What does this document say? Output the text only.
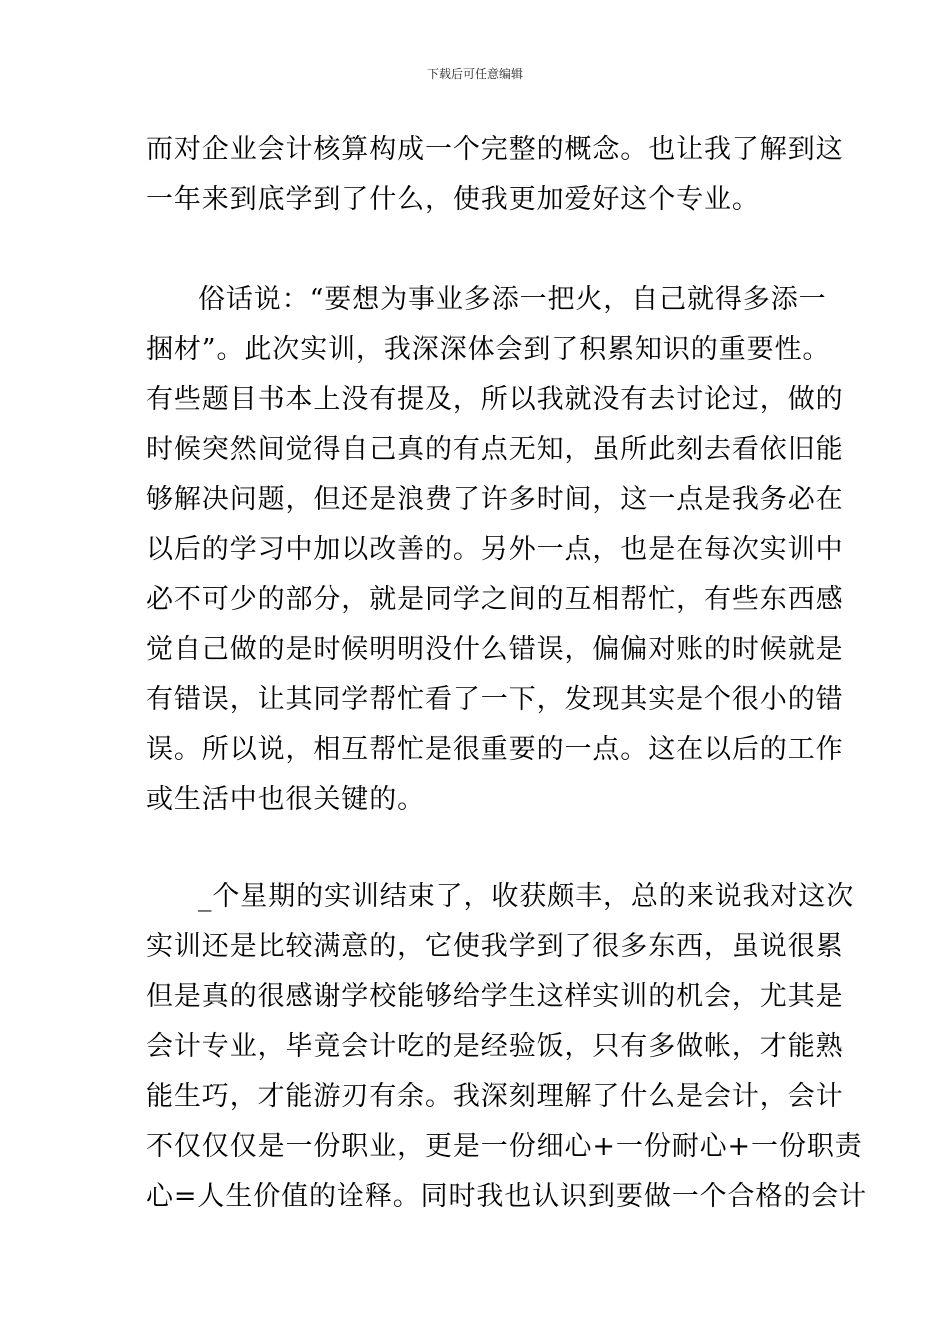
下载后可任意编辑
而对企业会计核算构成一个完整的概念。也让我了解到这
一年来到底学到了什么，使我更加爱好这个专业。
俗话说：“要想为事业多添一把火，自己就得多添一
捆材”。此次实训，我深深体会到了积累知识的重要性。
有些题目书本上没有提及，所以我就没有去讨论过，做的
时候突然间觉得自己真的有点无知，虽所此刻去看依旧能
够解决问题，但还是浪费了许多时间，这一点是我务必在
以后的学习中加以改善的。另外一点，也是在每次实训中
必不可少的部分，就是同学之间的互相帮忙，有些东西感
觉自己做的是时候明明没什么错误，偏偏对账的时候就是
有错误，让其同学帮忙看了一下，发现其实是个很小的错
误。所以说，相互帮忙是很重要的一点。这在以后的工作
或生活中也很关键的。
_个星期的实训结束了，收获颇丰，总的来说我对这次
实训还是比较满意的，它使我学到了很多东西，虽说很累
但是真的很感谢学校能够给学生这样实训的机会，尤其是
会计专业，毕竟会计吃的是经验饭，只有多做帐，才能熟
能生巧，才能游刃有余。我深刻理解了什么是会计，会计
不仅仅仅是一份职业，更是一份细心+一份耐心+一份职责
心=人生价值的诠释。同时我也认识到要做一个合格的会计
